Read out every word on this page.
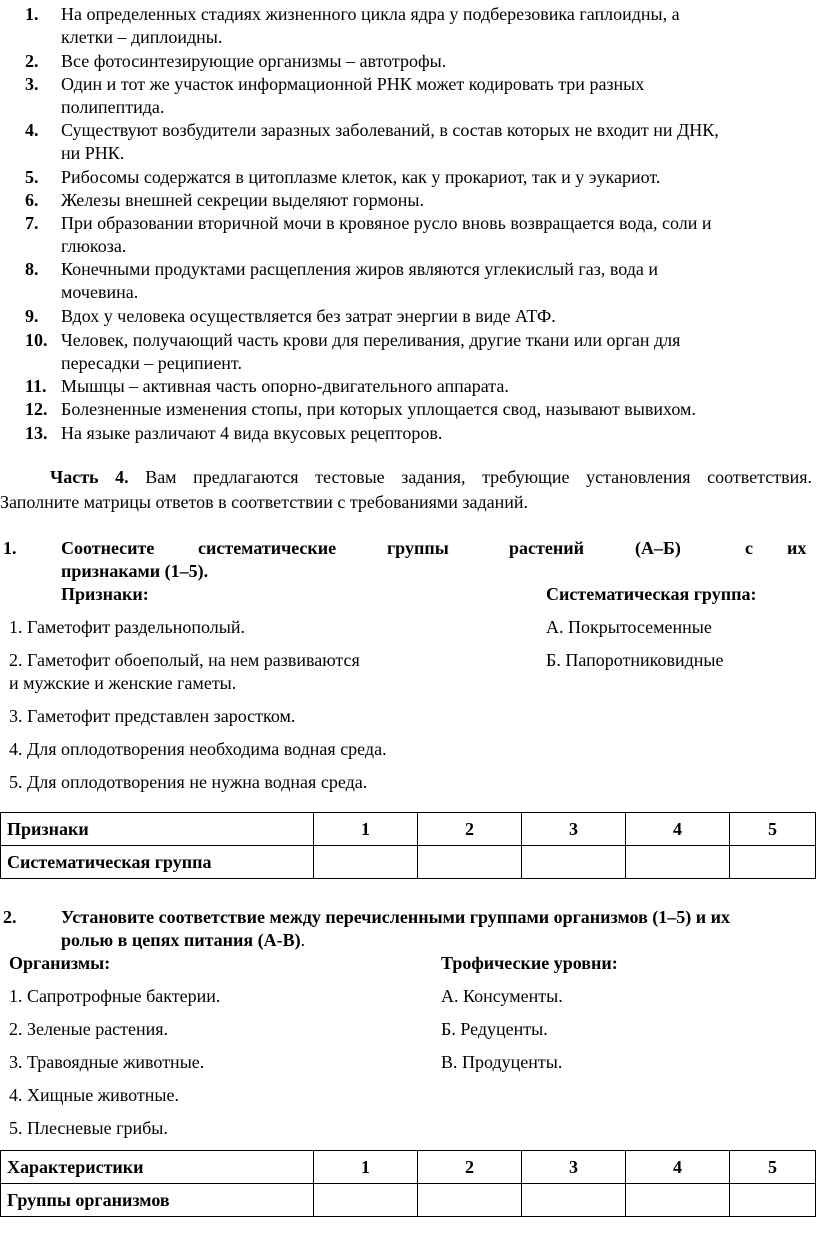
1. На определенных стадиях жизненного цикла ядра у подберезовика гаплоидны, а
клетки – диплоидны.
2. Все фотосинтезирующие организмы – автотрофы.
3. Один и тот же участок информационной РНК может кодировать три разных
полипептида.
4. Существуют возбудители заразных заболеваний, в состав которых не входит ни ДНК,
ни РНК.
5. Рибосомы содержатся в цитоплазме клеток, как у прокариот, так и у эукариот.
6. Железы внешней секреции выделяют гормоны.
7. При образовании вторичной мочи в кровяное русло вновь возвращается вода, соли и
глюкоза.
8. Конечными продуктами расщепления жиров являются углекислый газ, вода и
мочевина.
9. Вдох у человека осуществляется без затрат энергии в виде АТФ.
10. Человек, получающий часть крови для переливания, другие ткани или орган для
пересадки – реципиент.
11. Мышцы – активная часть опорно-двигательного аппарата.
12. Болезненные изменения стопы, при которых уплощается свод, называют вывихом.
13. На языке различают 4 вида вкусовых рецепторов.
Часть 4. Вам предлагаются тестовые задания, требующие установления соответствия.
Заполните матрицы ответов в соответствии с требованиями заданий.
1. Соотнесите систематические	группы	растений	(А–Б)	с их
признаками (1–5).
Признаки:	Систематическая группа:
1. Гаметофит раздельнополый.
2. Гаметофит обоеполый, на нем развиваются
и мужские и женские гаметы.
3. Гаметофит представлен заростком.
4. Для оплодотворения необходима водная среда.
5. Для оплодотворения не нужна водная среда.
А. Покрытосеменные
Б. Папоротниковидные
Признаки	1	2	3	4	5
Систематическая группа					
2. Установите соответствие между перечисленными группами организмов (1–5) и их
ролью в цепях питания (А-В).
Организмы:	Трофические уровни:
1. Сапротрофные бактерии.
2. Зеленые растения.
3. Травоядные животные.
4. Хищные животные.
5. Плесневые грибы.
А. Консументы.
Б. Редуценты.
В. Продуценты.
Характеристики	1	2	3	4	5
Группы организмов					
